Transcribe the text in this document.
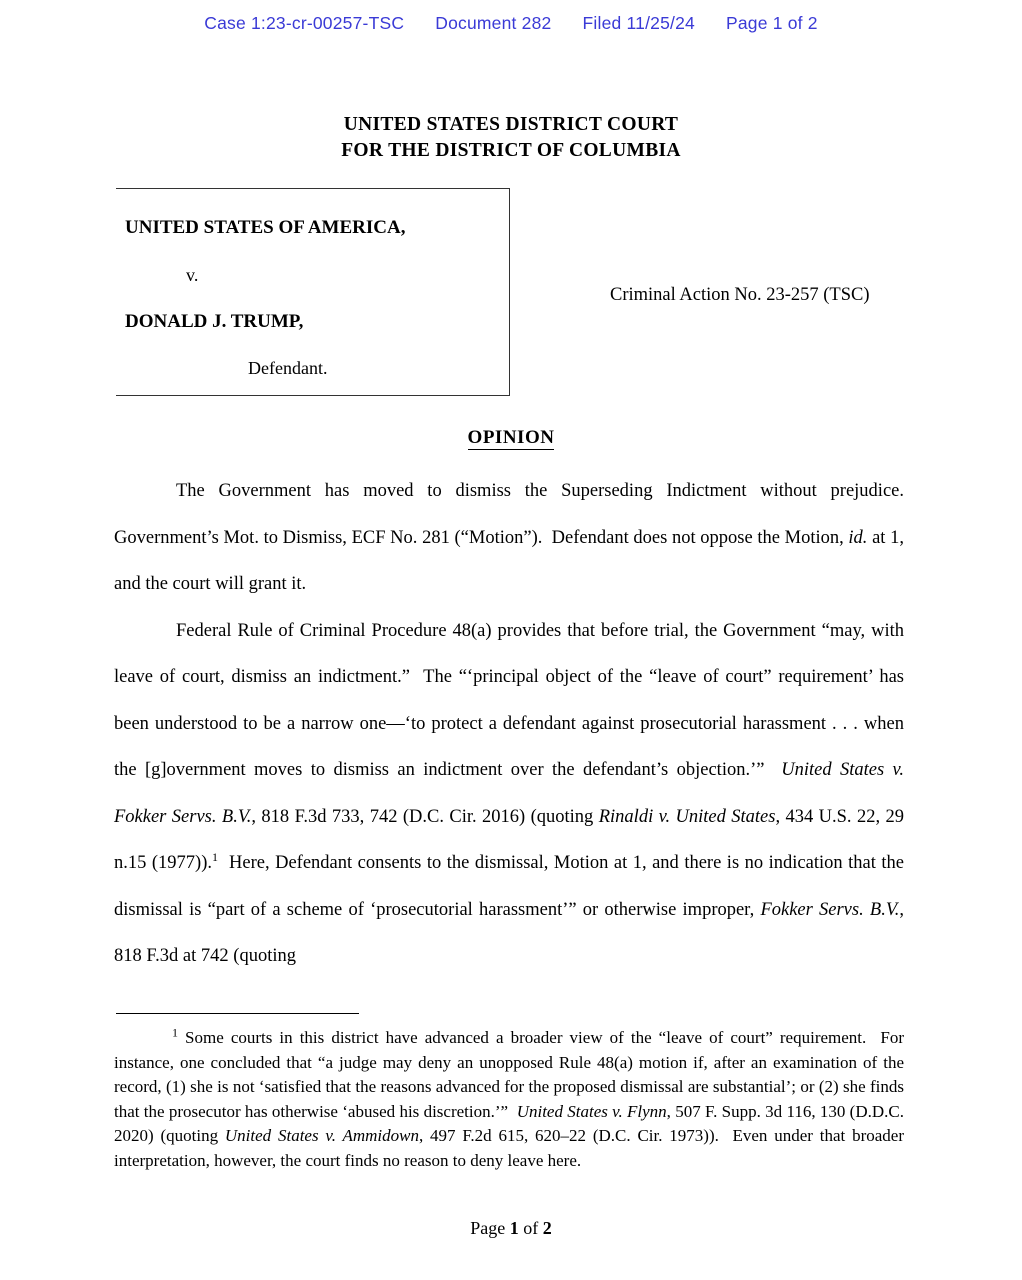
Case 1:23-cr-00257-TSC Document 282 Filed 11/25/24 Page 1 of 2
UNITED STATES DISTRICT COURT
FOR THE DISTRICT OF COLUMBIA
UNITED STATES OF AMERICA,
v.
DONALD J. TRUMP,
Defendant.
Criminal Action No. 23-257 (TSC)
OPINION

The Government has moved to dismiss the Superseding Indictment without prejudice. Government’s Mot. to Dismiss, ECF No. 281 (“Motion”).  Defendant does not oppose the Motion, id. at 1, and the court will grant it.

Federal Rule of Criminal Procedure 48(a) provides that before trial, the Government “may, with leave of court, dismiss an indictment.”  The “‘principal object of the “leave of court” requirement’ has been understood to be a narrow one—‘to protect a defendant against prosecutorial harassment . . . when the [g]overnment moves to dismiss an indictment over the defendant’s objection.’”  United States v. Fokker Servs. B.V., 818 F.3d 733, 742 (D.C. Cir. 2016) (quoting Rinaldi v. United States, 434 U.S. 22, 29 n.15 (1977)).$^1$  Here, Defendant consents to the dismissal, Motion at 1, and there is no indication that the dismissal is “part of a scheme of ‘prosecutorial harassment’” or otherwise improper, Fokker Servs. B.V., 818 F.3d at 742 (quoting

$^1$ Some courts in this district have advanced a broader view of the “leave of court” requirement.  For instance, one concluded that “a judge may deny an unopposed Rule 48(a) motion if, after an examination of the record, (1) she is not ‘satisfied that the reasons advanced for the proposed dismissal are substantial’; or (2) she finds that the prosecutor has otherwise ‘abused his discretion.’”  United States v. Flynn, 507 F. Supp. 3d 116, 130 (D.D.C. 2020) (quoting United States v. Ammidown, 497 F.2d 615, 620–22 (D.C. Cir. 1973)).  Even under that broader interpretation, however, the court finds no reason to deny leave here.

Page 1 of 2
